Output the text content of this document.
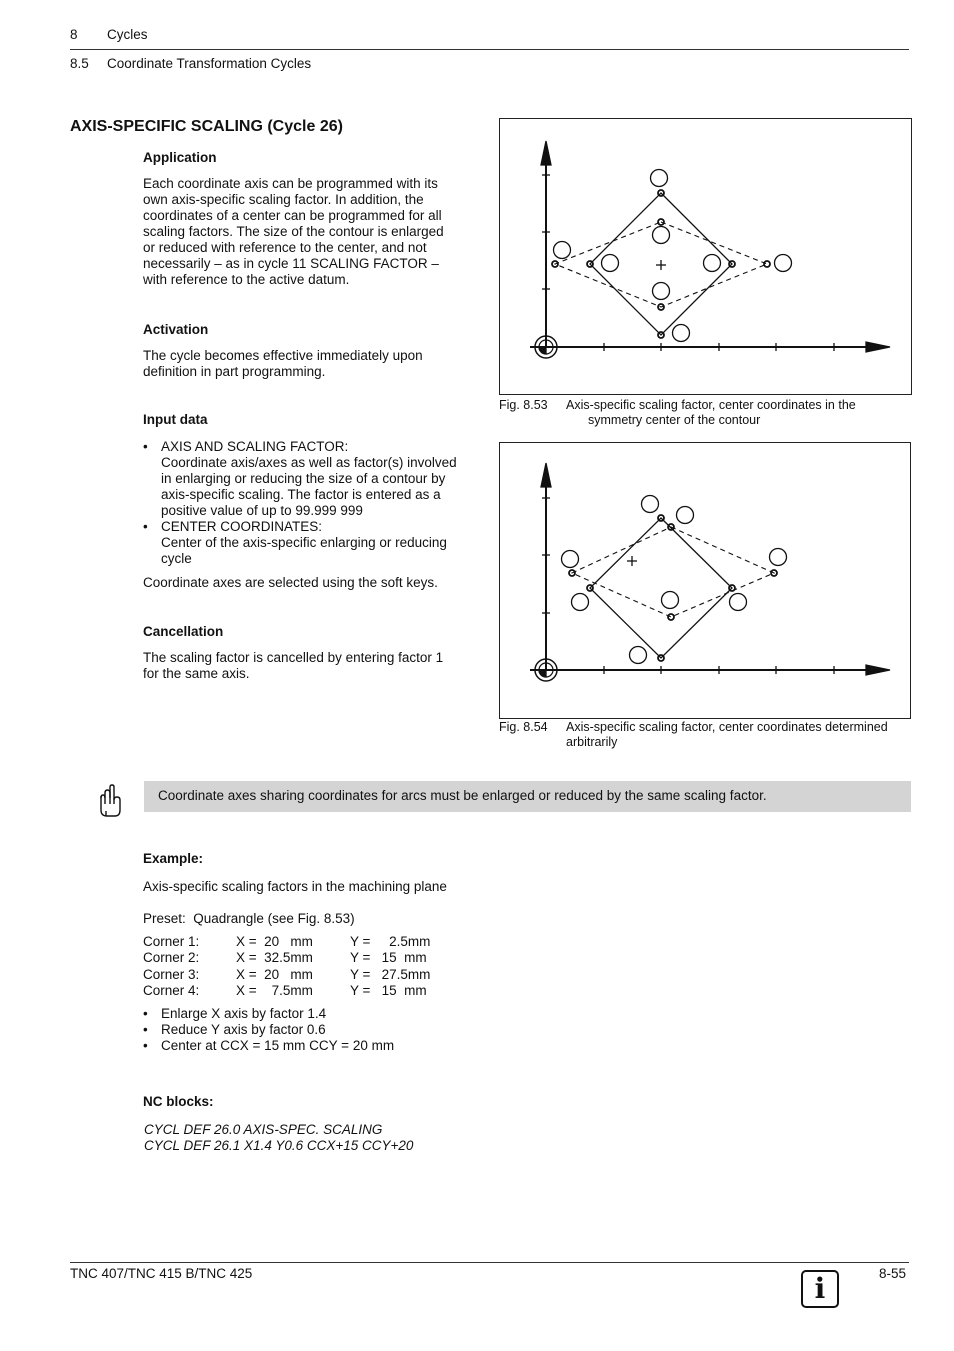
8 Cycles
8.5 Coordinate Transformation Cycles
AXIS-SPECIFIC SCALING (Cycle 26)
Application
Each coordinate axis can be programmed with its
own axis-specific scaling factor. In addition, the
coordinates of a center can be programmed for all
scaling factors. The size of the contour is enlarged
or reduced with reference to the center, and not
necessarily – as in cycle 11 SCALING FACTOR –
with reference to the active datum.
Activation
The cycle becomes effective immediately upon
definition in part programming.
Input data
• AXIS AND SCALING FACTOR:
Coordinate axis/axes as well as factor(s) involved
in enlarging or reducing the size of a contour by
axis-specific scaling. The factor is entered as a
positive value of up to 99.999 999
• CENTER COORDINATES:
Center of the axis-specific enlarging or reducing
cycle
Coordinate axes are selected using the soft keys.
Cancellation
The scaling factor is cancelled by entering factor 1
for the same axis.
Fig. 8.53 Axis-specific scaling factor, center coordinates in the
symmetry center of the contour
Fig. 8.54 Axis-specific scaling factor, center coordinates determined
arbitrarily
Coordinate axes sharing coordinates for arcs must be enlarged or reduced by the same scaling factor.
Example:
Axis-specific scaling factors in the machining plane
Preset:  Quadrangle (see Fig. 8.53)
Corner 1:	X =  20   mm	Y =     2.5mm
Corner 2:	X =  32.5mm	Y =   15  mm
Corner 3:	X =  20   mm	Y =   27.5mm
Corner 4:	X =    7.5mm	Y =   15  mm
• Enlarge X axis by factor 1.4
• Reduce Y axis by factor 0.6
• Center at CCX = 15 mm CCY = 20 mm
NC blocks:
CYCL DEF 26.0 AXIS-SPEC. SCALING
CYCL DEF 26.1 X1.4 Y0.6 CCX+15 CCY+20
TNC 407/TNC 415 B/TNC 425	8-55
i
